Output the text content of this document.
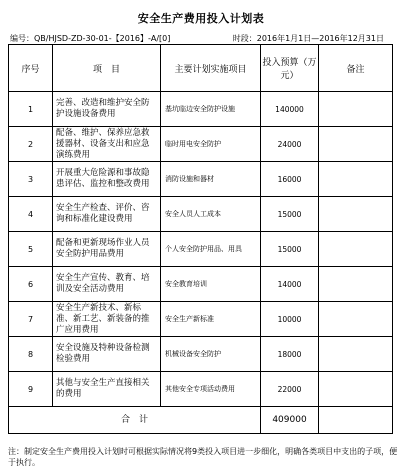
安全生产费用投入计划表
编号：QB/HJSD-ZD-30-01-【2016】-A/[0]	时段：2016年1月1日—2016年12月31日
序号	项　目	主要计划实施项目	投入预算（万元）	备注
1	完善、改造和维护安全防护设施设备费用	基坑临边安全防护设施	140000	
2	配备、维护、保养应急救援器材、设备支出和应急演练费用	临时用电安全防护	24000	
3	开展重大危险源和事故隐患评估、监控和整改费用	消防设施和器材	16000	
4	安全生产检查、评价、咨询和标准化建设费用	安全人员人工成本	15000	
5	配备和更新现场作业人员安全防护用品费用	个人安全防护用品、用具	15000	
6	安全生产宣传、教育、培训及安全活动费用	安全教育培训	14000	
7	安全生产新技术、新标准、新工艺、新装备的推广应用费用	安全生产新标准	10000	
8	安全设施及特种设备检测检验费用	机械设备安全防护	18000	
9	其他与安全生产直接相关的费用	其他安全专项活动费用	22000	
合　计			409000	
注：制定安全生产费用投入计划时可根据实际情况将9类投入项目进一步细化，明确各类项目中支出的子项，便于执行。
